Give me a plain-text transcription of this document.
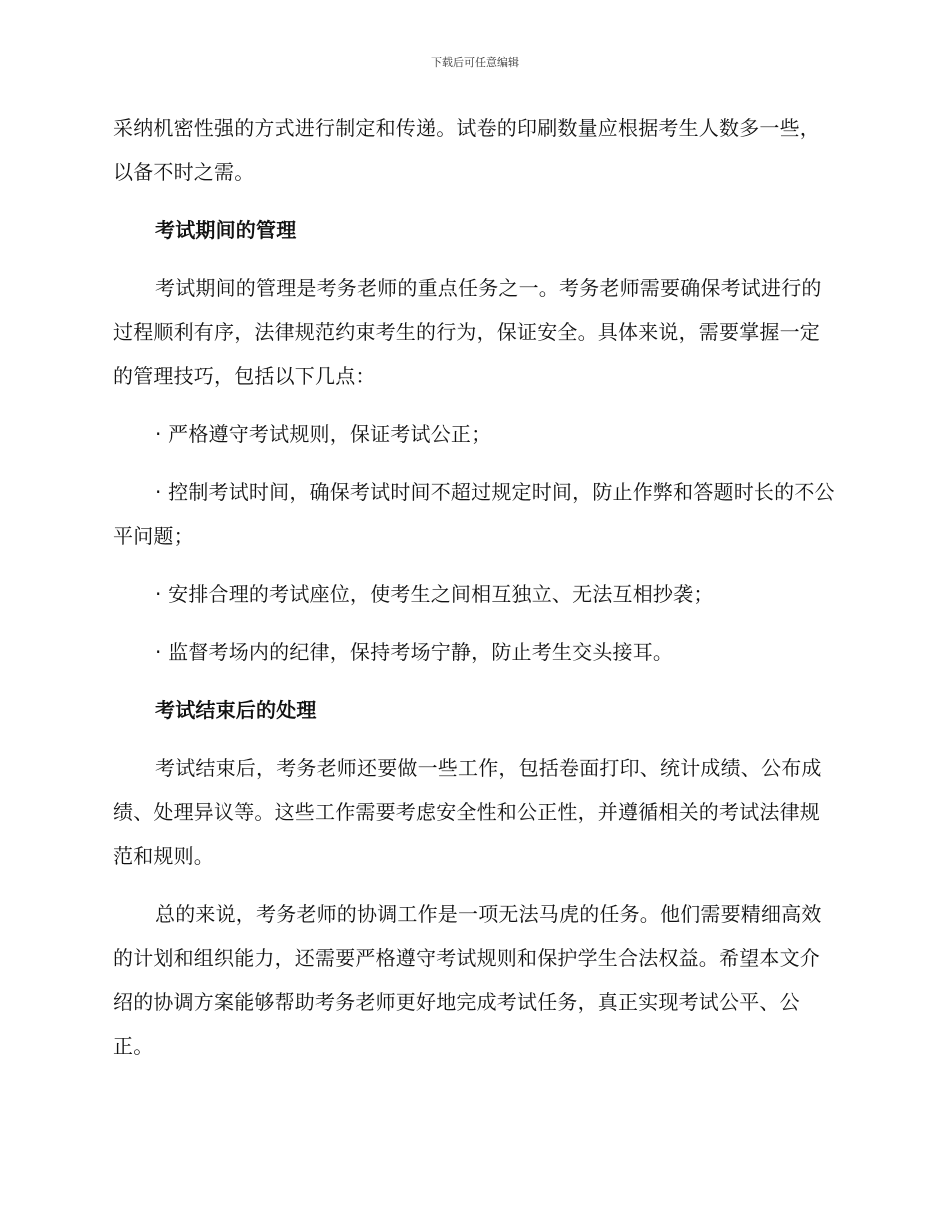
下载后可任意编辑

采纳机密性强的方式进行制定和传递。试卷的印刷数量应根据考生人数多一些，以备不时之需。

考试期间的管理

考试期间的管理是考务老师的重点任务之一。考务老师需要确保考试进行的过程顺利有序，法律规范约束考生的行为，保证安全。具体来说，需要掌握一定的管理技巧，包括以下几点：

· 严格遵守考试规则，保证考试公正；

· 控制考试时间，确保考试时间不超过规定时间，防止作弊和答题时长的不公平问题；

· 安排合理的考试座位，使考生之间相互独立、无法互相抄袭；

· 监督考场内的纪律，保持考场宁静，防止考生交头接耳。

考试结束后的处理

考试结束后，考务老师还要做一些工作，包括卷面打印、统计成绩、公布成绩、处理异议等。这些工作需要考虑安全性和公正性，并遵循相关的考试法律规范和规则。

总的来说，考务老师的协调工作是一项无法马虎的任务。他们需要精细高效的计划和组织能力，还需要严格遵守考试规则和保护学生合法权益。希望本文介绍的协调方案能够帮助考务老师更好地完成考试任务，真正实现考试公平、公正。
